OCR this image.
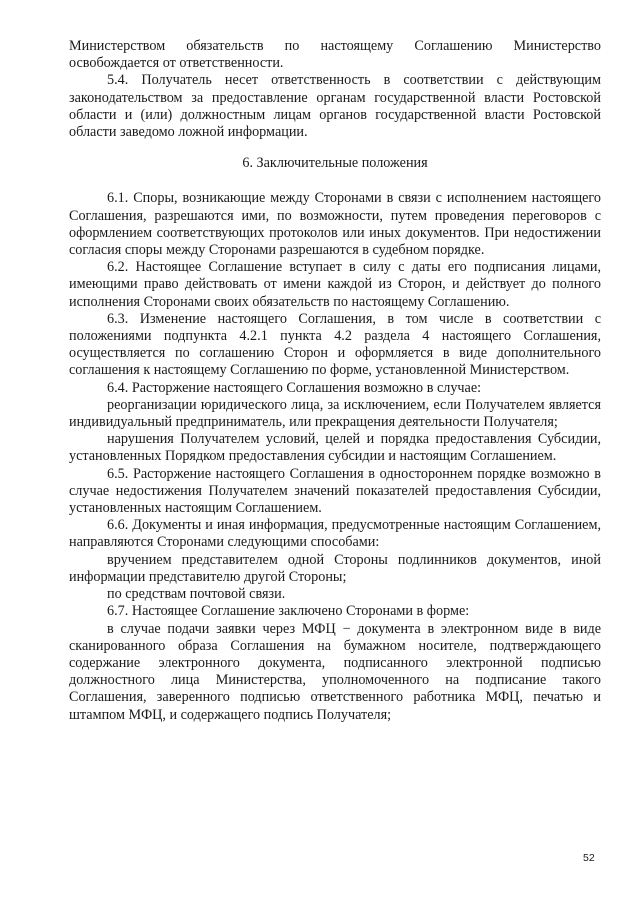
Министерством обязательств по настоящему Соглашению Министерство освобождается от ответственности.

5.4. Получатель несет ответственность в соответствии с действующим законодательством за предоставление органам государственной власти Ростовской области и (или) должностным лицам органов государственной власти Ростовской области заведомо ложной информации.

6. Заключительные положения

6.1. Споры, возникающие между Сторонами в связи с исполнением настоящего Соглашения, разрешаются ими, по возможности, путем проведения переговоров с оформлением соответствующих протоколов или иных документов. При недостижении согласия споры между Сторонами разрешаются в судебном порядке.

6.2. Настоящее Соглашение вступает в силу с даты его подписания лицами, имеющими право действовать от имени каждой из Сторон, и действует до полного исполнения Сторонами своих обязательств по настоящему Соглашению.

6.3. Изменение настоящего Соглашения, в том числе в соответствии с положениями подпункта 4.2.1 пункта 4.2 раздела 4 настоящего Соглашения, осуществляется по соглашению Сторон и оформляется в виде дополнительного соглашения к настоящему Соглашению по форме, установленной Министерством.

6.4. Расторжение настоящего Соглашения возможно в случае:

реорганизации юридического лица, за исключением, если Получателем является индивидуальный предприниматель, или прекращения деятельности Получателя;

нарушения Получателем условий, целей и порядка предоставления Субсидии, установленных Порядком предоставления субсидии и настоящим Соглашением.

6.5. Расторжение настоящего Соглашения в одностороннем порядке возможно в случае недостижения Получателем значений показателей предоставления Субсидии, установленных настоящим Соглашением.

6.6. Документы и иная информация, предусмотренные настоящим Соглашением, направляются Сторонами следующими способами:

вручением представителем одной Стороны подлинников документов, иной информации представителю другой Стороны;

по средствам почтовой связи.

6.7. Настоящее Соглашение заключено Сторонами в форме:

в случае подачи заявки через МФЦ − документа в электронном виде в виде сканированного образа Соглашения на бумажном носителе, подтверждающего содержание электронного документа, подписанного электронной подписью должностного лица Министерства, уполномоченного на подписание такого Соглашения, заверенного подписью ответственного работника МФЦ, печатью и штампом МФЦ, и содержащего подпись Получателя;

52
